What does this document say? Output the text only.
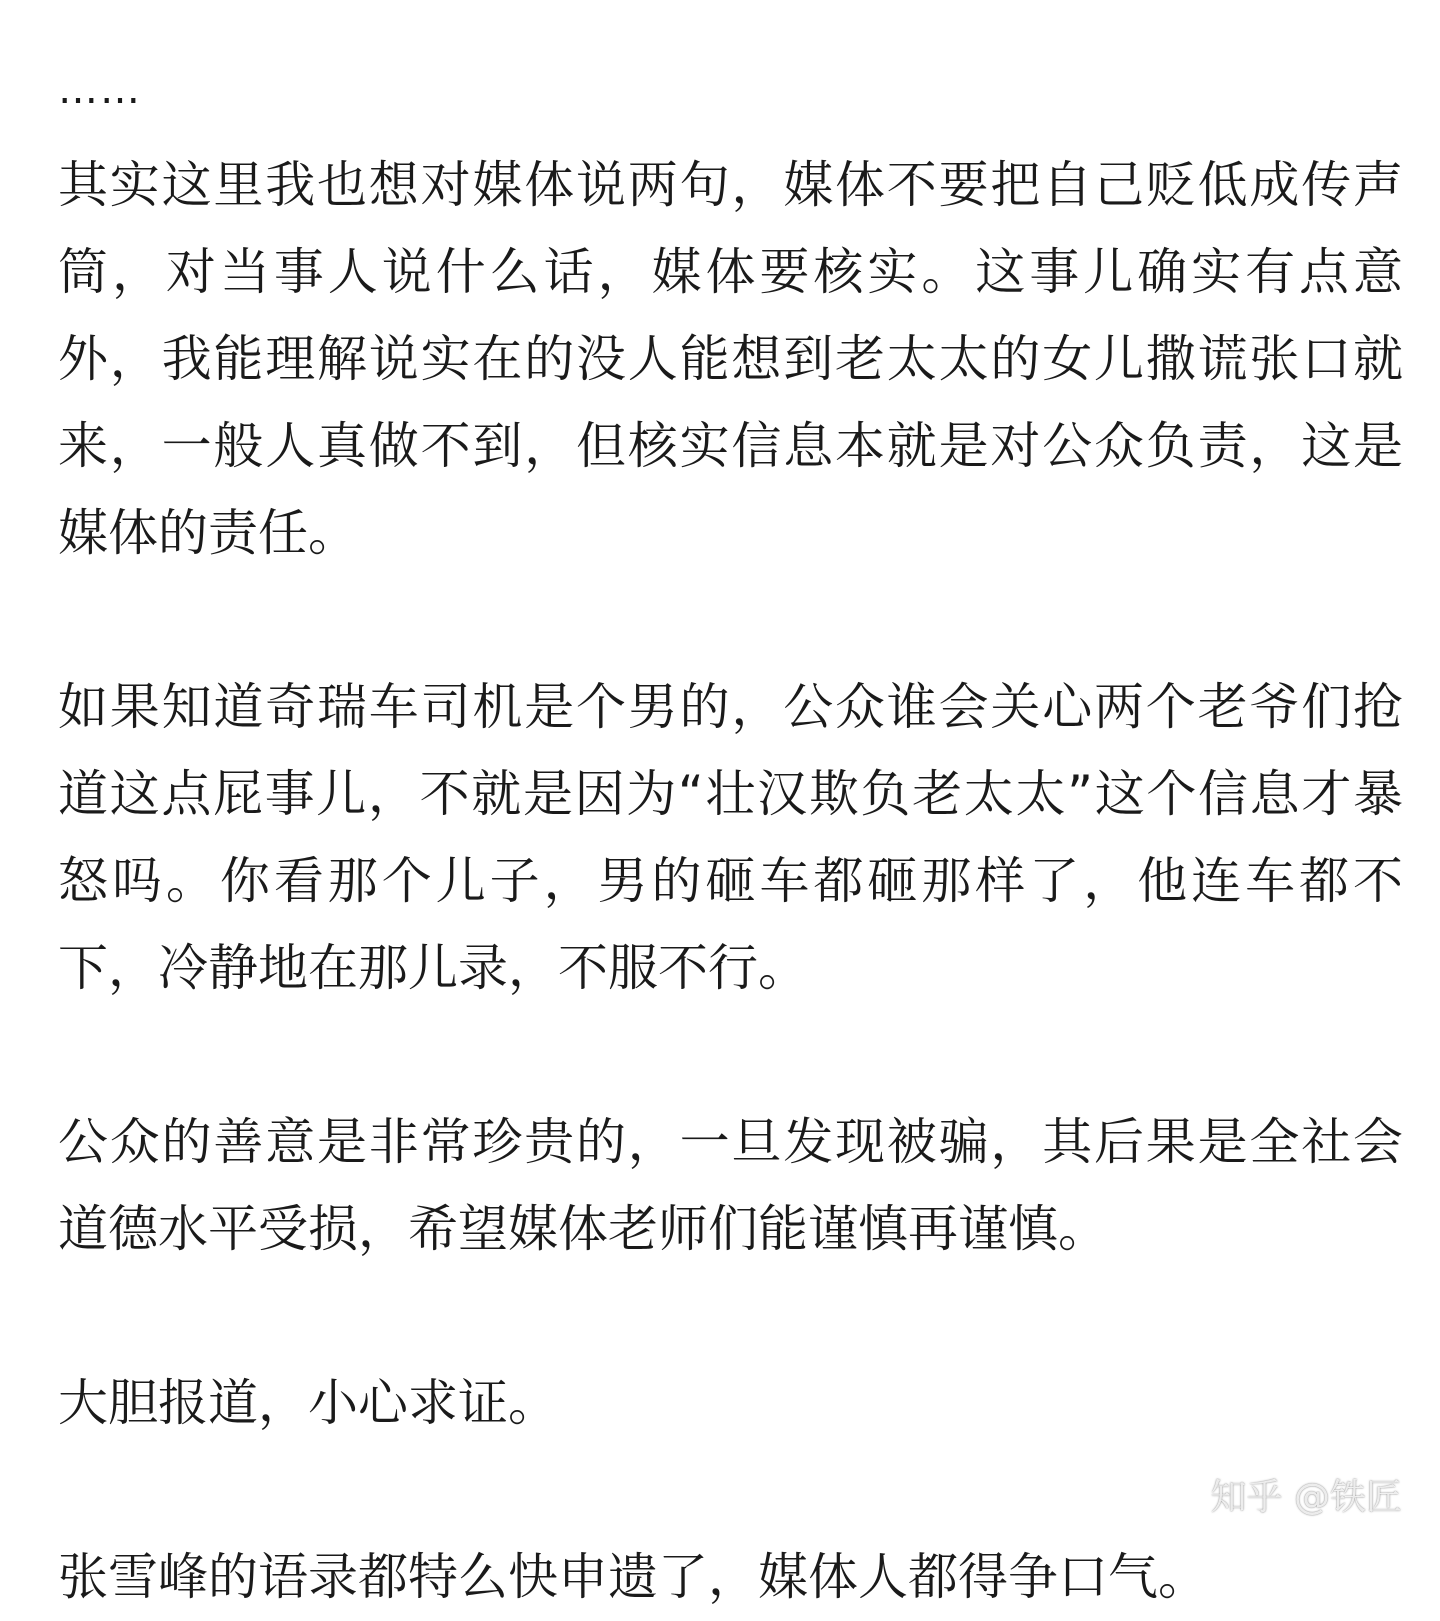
……

其实这里我也想对媒体说两句，媒体不要把自己贬低成传声筒，对当事人说什么话，媒体要核实。这事儿确实有点意外，我能理解说实在的没人能想到老太太的女儿撒谎张口就来，一般人真做不到，但核实信息本就是对公众负责，这是媒体的责任。

如果知道奇瑞车司机是个男的，公众谁会关心两个老爷们抢道这点屁事儿，不就是因为“壮汉欺负老太太”这个信息才暴怒吗。你看那个儿子，男的砸车都砸那样了，他连车都不下，冷静地在那儿录，不服不行。

公众的善意是非常珍贵的，一旦发现被骗，其后果是全社会道德水平受损，希望媒体老师们能谨慎再谨慎。

大胆报道，小心求证。

张雪峰的语录都特么快申遗了，媒体人都得争口气。

知乎 @铁匠
